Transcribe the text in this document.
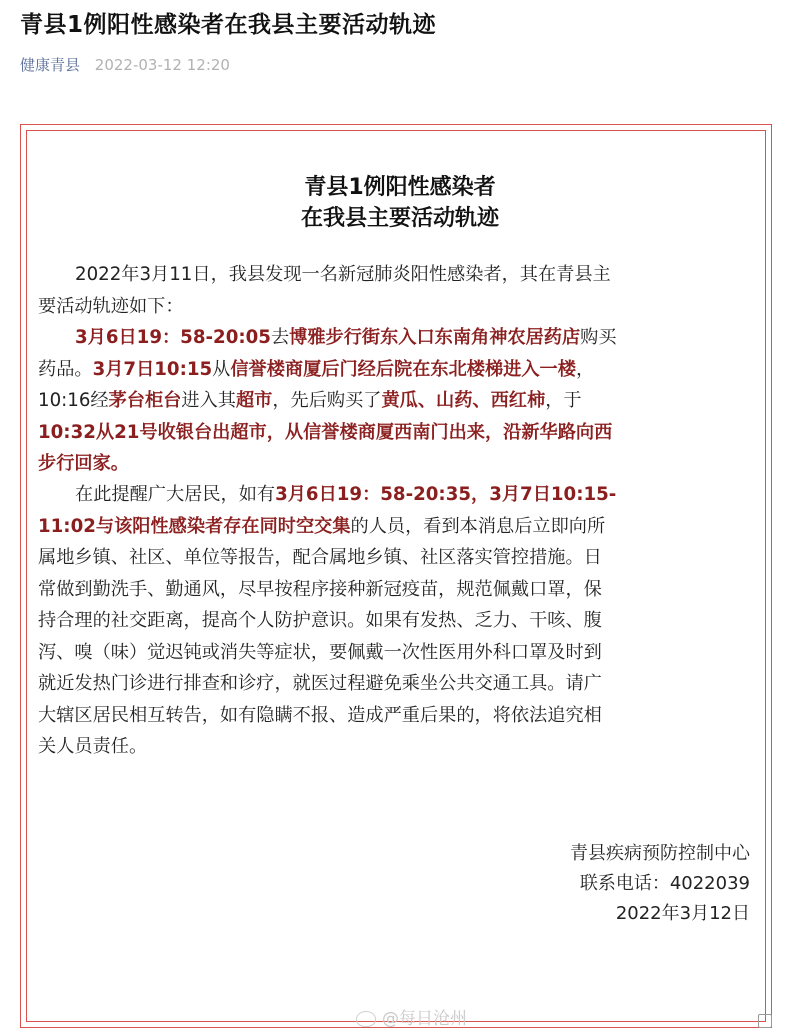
青县1例阳性感染者在我县主要活动轨迹
健康青县 2022-03-12 12:20
青县1例阳性感染者
在我县主要活动轨迹
2022年3月11日，我县发现一名新冠肺炎阳性感染者，其在青县主
要活动轨迹如下：
3月6日19：58-20:05去博雅步行街东入口东南角神农居药店购买
药品。3月7日10:15从信誉楼商厦后门经后院在东北楼梯进入一楼，
10:16经茅台柜台进入其超市，先后购买了黄瓜、山药、西红柿，于
10:32从21号收银台出超市，从信誉楼商厦西南门出来，沿新华路向西
步行回家。
在此提醒广大居民，如有3月6日19：58-20:35，3月7日10:15-
11:02与该阳性感染者存在同时空交集的人员，看到本消息后立即向所
属地乡镇、社区、单位等报告，配合属地乡镇、社区落实管控措施。日
常做到勤洗手、勤通风，尽早按程序接种新冠疫苗，规范佩戴口罩，保
持合理的社交距离，提高个人防护意识。如果有发热、乏力、干咳、腹
泻、嗅（味）觉迟钝或消失等症状，要佩戴一次性医用外科口罩及时到
就近发热门诊进行排查和诊疗，就医过程避免乘坐公共交通工具。请广
大辖区居民相互转告，如有隐瞒不报、造成严重后果的，将依法追究相
关人员责任。
青县疾病预防控制中心
联系电话：4022039
2022年3月12日
@每日沧州
